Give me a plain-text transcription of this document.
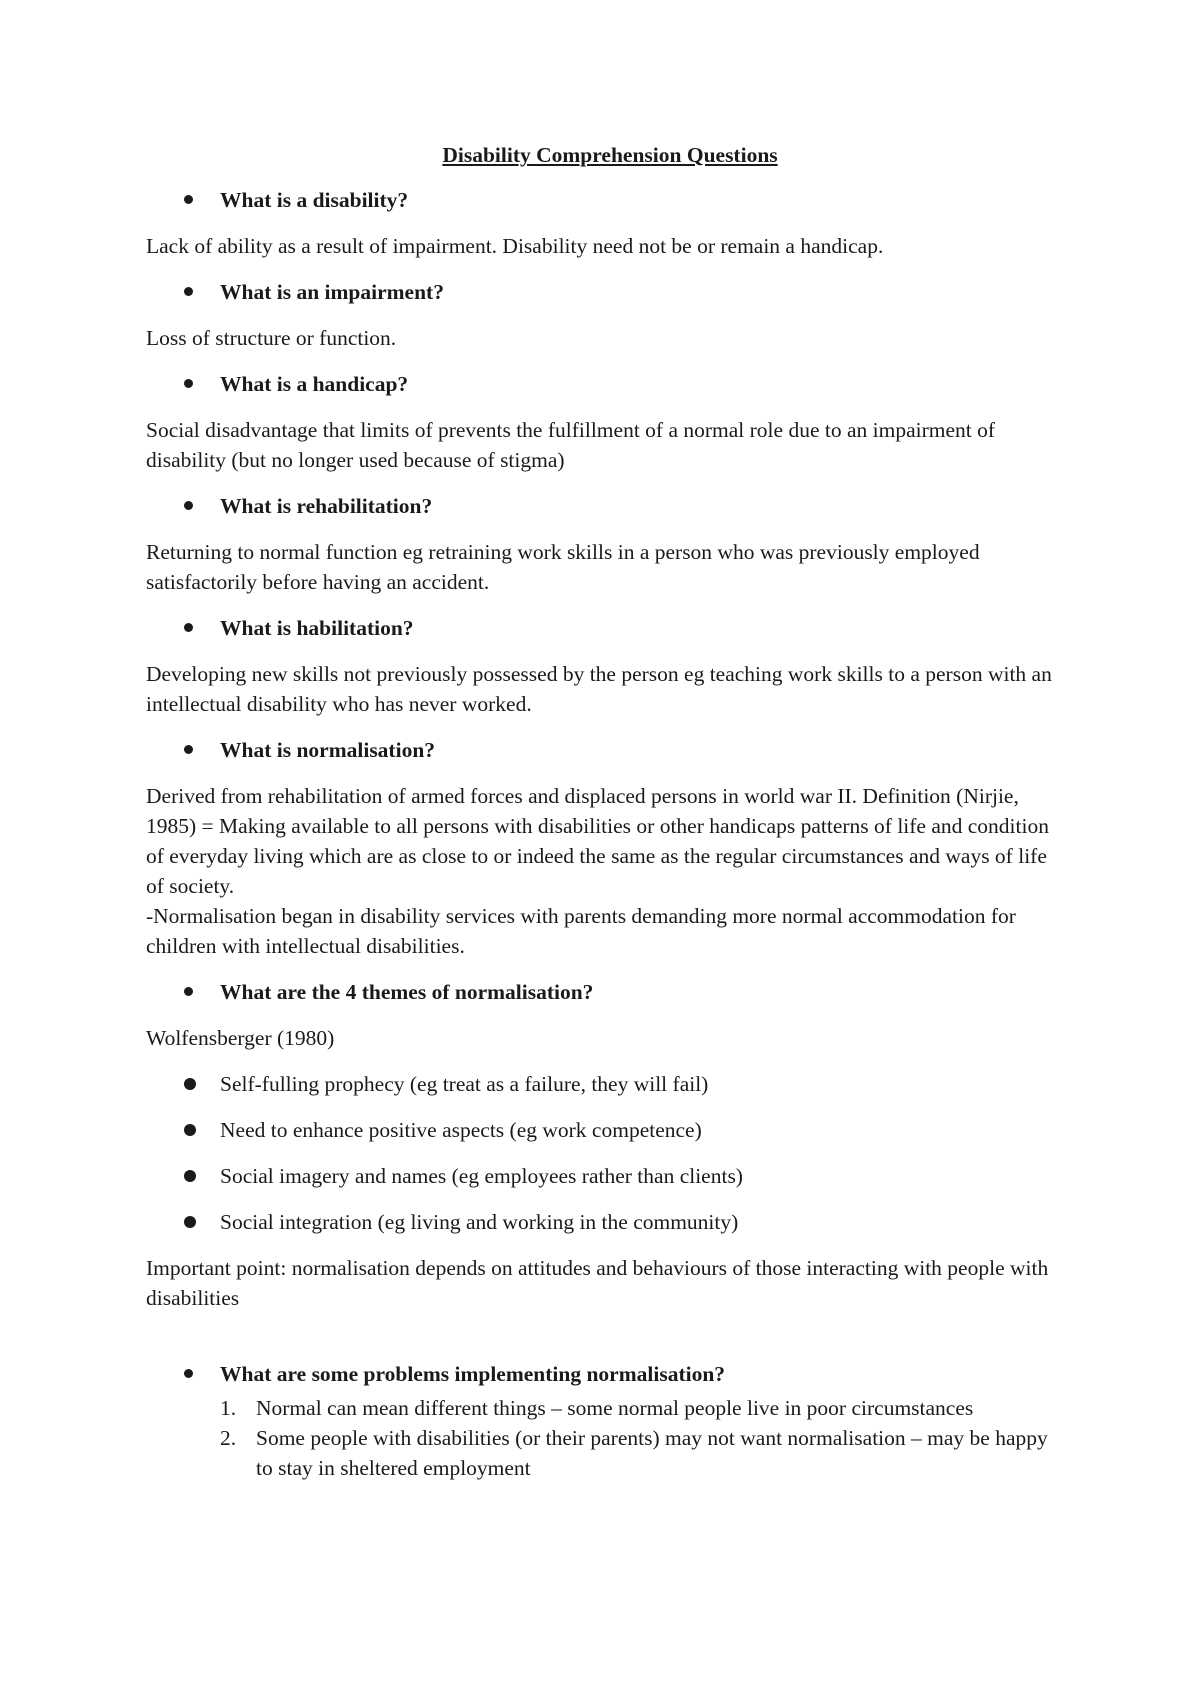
Disability Comprehension Questions
What is a disability?

Lack of ability as a result of impairment. Disability need not be or remain a handicap.

What is an impairment?

Loss of structure or function.

What is a handicap?

Social disadvantage that limits of prevents the fulfillment of a normal role due to an impairment of disability (but no longer used because of stigma)

What is rehabilitation?

Returning to normal function eg retraining work skills in a person who was previously employed satisfactorily before having an accident.

What is habilitation?

Developing new skills not previously possessed by the person eg teaching work skills to a person with an intellectual disability who has never worked.

What is normalisation?

Derived from rehabilitation of armed forces and displaced persons in world war II. Definition (Nirjie, 1985) = Making available to all persons with disabilities or other handicaps patterns of life and condition of everyday living which are as close to or indeed the same as the regular circumstances and ways of life of society.

-Normalisation began in disability services with parents demanding more normal accommodation for children with intellectual disabilities.

What are the 4 themes of normalisation?

Wolfensberger (1980)

Self-fulling prophecy (eg treat as a failure, they will fail)
Need to enhance positive aspects (eg work competence)
Social imagery and names (eg employees rather than clients)
Social integration (eg living and working in the community)

Important point: normalisation depends on attitudes and behaviours of those interacting with people with disabilities

What are some problems implementing normalisation?
1. Normal can mean different things – some normal people live in poor circumstances
2. Some people with disabilities (or their parents) may not want normalisation – may be happy to stay in sheltered employment
